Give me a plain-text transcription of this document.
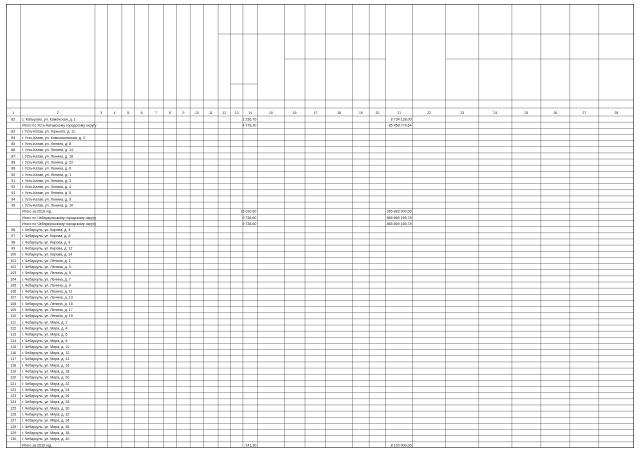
1	2	3	4	5	6	7	8	9	10	11	12	13	14	15	16	17	18	19	20	21	22	23	24	25	26	27	28
82 с. Катырово, ул. Каменская, д. 1	1 236,70	8 734 128,00
Итого по Усть-Катавскому городскому округу	4 778,30	85 458 774,64
83 г. Усть-Катав, ул. Горького, д. 11
84 г. Усть-Катав, ул. Комсомольская, д. 2
85 г. Усть-Катав, ул. Ленина, д. 8
86 г. Усть-Катав, ул. Ленина, д. 14
87 г. Усть-Катав, ул. Ленина, д. 16
88 г. Усть-Катав, ул. Ленина, д. 22
89 г. Усть-Катав, ул. Ленина, д. 6
90 г. Усть-Катав, ул. Ленина, д. 1
91 г. Усть-Катав, ул. Ленина, д. 3
92 г. Усть-Катав, ул. Ленина, д. 4
93 г. Усть-Катав, ул. Ленина, д. 5
94 г. Усть-Катав, ул. Ленина, д. 9
95 г. Усть-Катав, ул. Ленина, д. 10
Итого за 2016 год	15 030,60	265 883 000,00
Итого по Чебаркульскому городскому округу	9 738,60	865 669 165,78
Итого по Чебаркульскому городскому округу	9 738,60	865 669 165,78
96 г. Чебаркуль, ул. Кирова, д. 4
97 г. Чебаркуль, ул. Кирова, д. 6
98 г. Чебаркуль, ул. Кирова, д. 8
99 г. Чебаркуль, ул. Кирова, д. 12
100 г. Чебаркуль, ул. Кирова, д. 14
101 г. Чебаркуль, ул. Ленина, д. 1
102 г. Чебаркуль, ул. Ленина, д. 3
103 г. Чебаркуль, ул. Ленина, д. 5
104 г. Чебаркуль, ул. Ленина, д. 7
105 г. Чебаркуль, ул. Ленина, д. 9
106 г. Чебаркуль, ул. Ленина, д. 11
107 г. Чебаркуль, ул. Ленина, д. 13
108 г. Чебаркуль, ул. Ленина, д. 15
109 г. Чебаркуль, ул. Ленина, д. 17
110 г. Чебаркуль, ул. Ленина, д. 19
111 г. Чебаркуль, ул. Мира, д. 2
112 г. Чебаркуль, ул. Мира, д. 4
113 г. Чебаркуль, ул. Мира, д. 6
114 г. Чебаркуль, ул. Мира, д. 8
115 г. Чебаркуль, ул. Мира, д. 10
116 г. Чебаркуль, ул. Мира, д. 12
117 г. Чебаркуль, ул. Мира, д. 14
118 г. Чебаркуль, ул. Мира, д. 16
119 г. Чебаркуль, ул. Мира, д. 18
120 г. Чебаркуль, ул. Мира, д. 20
121 г. Чебаркуль, ул. Мира, д. 22
122 г. Чебаркуль, ул. Мира, д. 24
123 г. Чебаркуль, ул. Мира, д. 26
124 г. Чебаркуль, ул. Мира, д. 28
125 г. Чебаркуль, ул. Мира, д. 30
126 г. Чебаркуль, ул. Мира, д. 32
127 г. Чебаркуль, ул. Мира, д. 34
128 г. Чебаркуль, ул. Мира, д. 36
129 г. Чебаркуль, ул. Мира, д. 38
130 г. Чебаркуль, ул. Мира, д. 40
Итого за 2016 год	141,30	8 120 000,00
